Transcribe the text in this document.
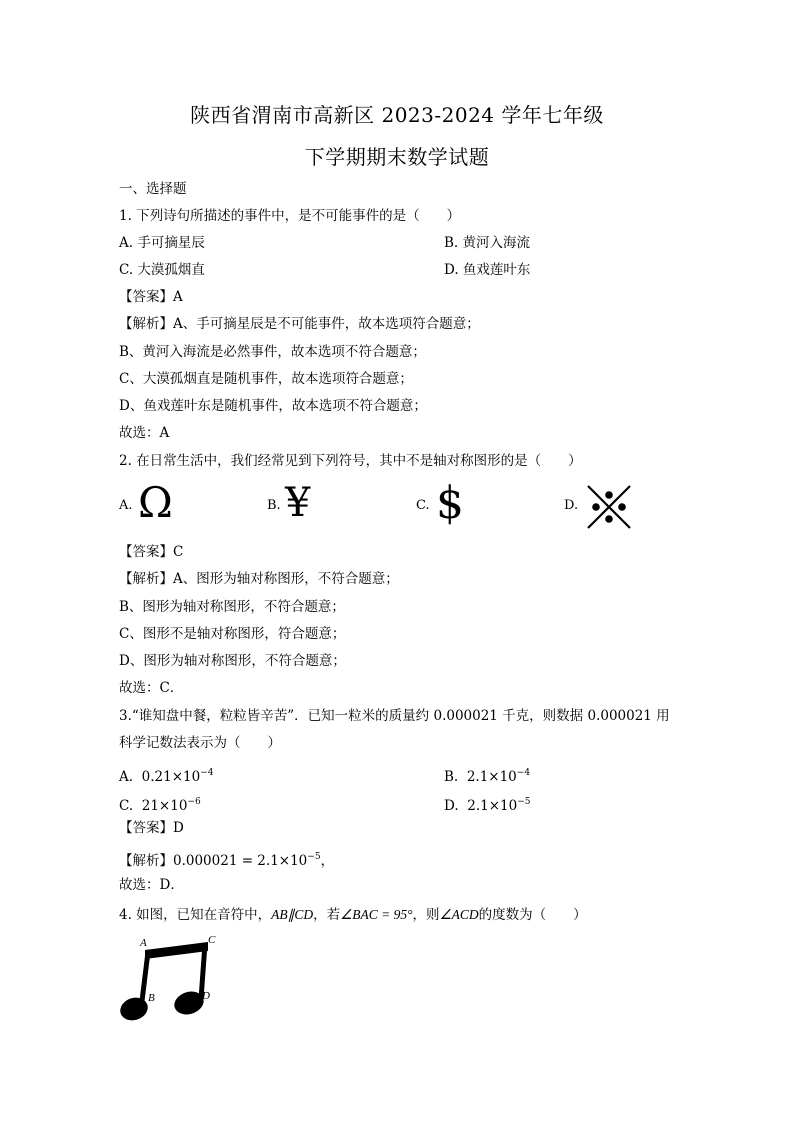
陕西省渭南市高新区 2023-2024 学年七年级
下学期期末数学试题
一、选择题
1. 下列诗句所描述的事件中，是不可能事件的是（　　）
A. 手可摘星辰	B. 黄河入海流
C. 大漠孤烟直	D. 鱼戏莲叶东
【答案】A
【解析】A、手可摘星辰是不可能事件，故本选项符合题意；
B、黄河入海流是必然事件，故本选项不符合题意；
C、大漠孤烟直是随机事件，故本选项符合题意；
D、鱼戏莲叶东是随机事件，故本选项不符合题意；
故选：A
2. 在日常生活中，我们经常见到下列符号，其中不是轴对称图形的是（　　）
A. Ω	B. ¥	C. $	D.
【答案】C
【解析】A、图形为轴对称图形，不符合题意；
B、图形为轴对称图形，不符合题意；
C、图形不是轴对称图形，符合题意；
D、图形为轴对称图形，不符合题意；
故选：C．
3.“谁知盘中餐，粒粒皆辛苦”．已知一粒米的质量约 0.000021 千克，则数据 0.000021 用
科学记数法表示为（　　）
A. $0.21\times 10^{-4}$	B. $2.1\times 10^{-4}$
C. $21\times 10^{-6}$	D. $2.1\times 10^{-5}$
【答案】D
【解析】$0.000021 = 2.1\times 10^{-5}$，
故选：D．
4. 如图，已知在音符中，AB∥CD，若∠BAC = 95°，则∠ACD的度数为（　　）
A	C
B	D
